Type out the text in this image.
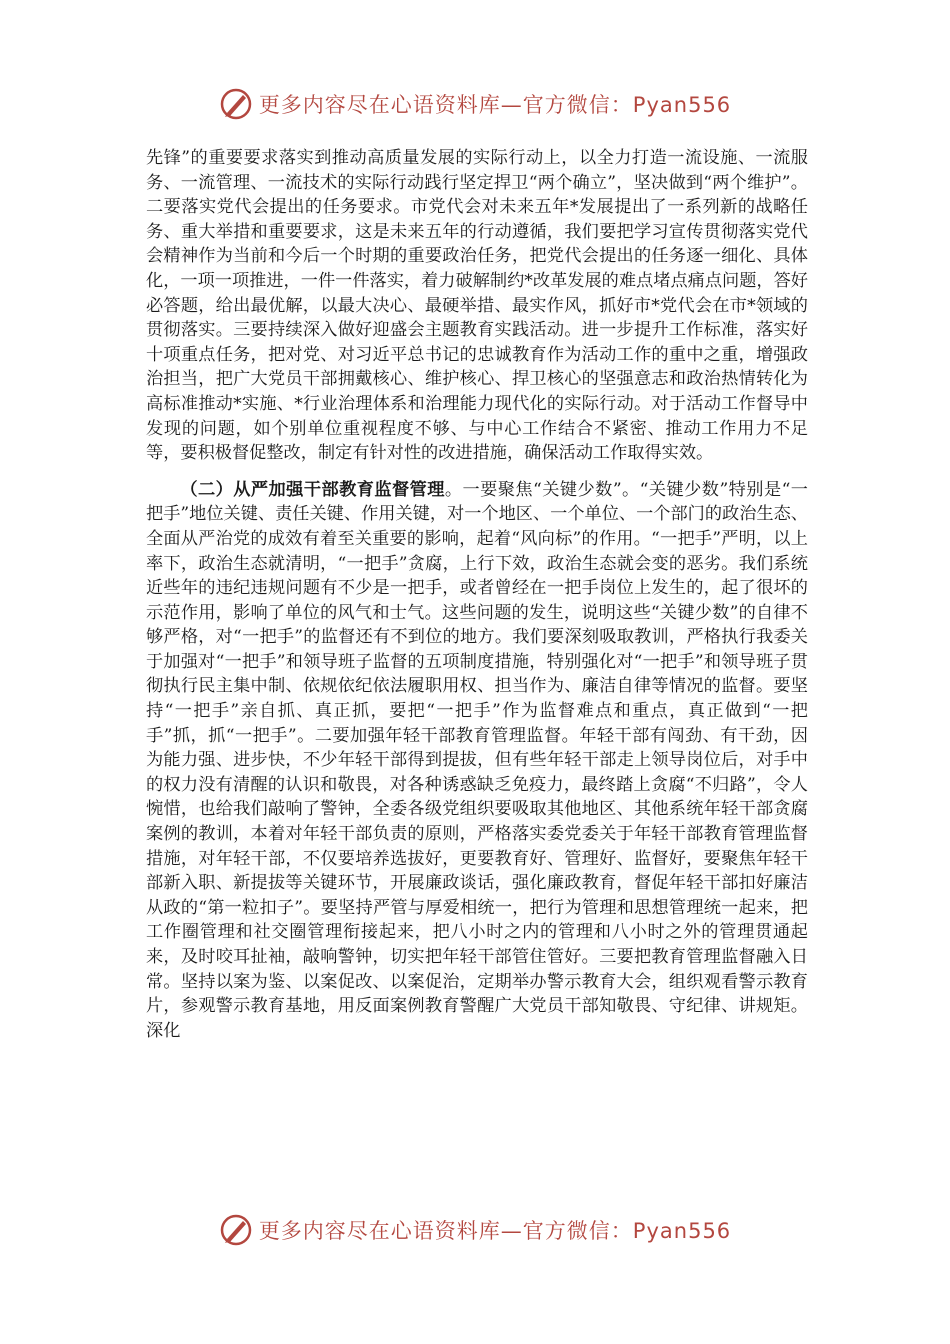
更多内容尽在心语资料库—官方微信：Pyan556

先锋”的重要要求落实到推动高质量发展的实际行动上，以全力打造一流设施、一流服务、一流管理、一流技术的实际行动践行坚定捍卫“两个确立”，坚决做到“两个维护”。二要落实党代会提出的任务要求。市党代会对未来五年*发展提出了一系列新的战略任务、重大举措和重要要求，这是未来五年的行动遵循，我们要把学习宣传贯彻落实党代会精神作为当前和今后一个时期的重要政治任务，把党代会提出的任务逐一细化、具体化，一项一项推进，一件一件落实，着力破解制约*改革发展的难点堵点痛点问题，答好必答题，给出最优解，以最大决心、最硬举措、最实作风，抓好市*党代会在市*领域的贯彻落实。三要持续深入做好迎盛会主题教育实践活动。进一步提升工作标准，落实好十项重点任务，把对党、对习近平总书记的忠诚教育作为活动工作的重中之重，增强政治担当，把广大党员干部拥戴核心、维护核心、捍卫核心的坚强意志和政治热情转化为高标准推动*实施、*行业治理体系和治理能力现代化的实际行动。对于活动工作督导中发现的问题，如个别单位重视程度不够、与中心工作结合不紧密、推动工作用力不足等，要积极督促整改，制定有针对性的改进措施，确保活动工作取得实效。

（二）从严加强干部教育监督管理。一要聚焦“关键少数”。“关键少数”特别是“一把手”地位关键、责任关键、作用关键，对一个地区、一个单位、一个部门的政治生态、全面从严治党的成效有着至关重要的影响，起着“风向标”的作用。“一把手”严明，以上率下，政治生态就清明，“一把手”贪腐，上行下效，政治生态就会变的恶劣。我们系统近些年的违纪违规问题有不少是一把手，或者曾经在一把手岗位上发生的，起了很坏的示范作用，影响了单位的风气和士气。这些问题的发生，说明这些“关键少数”的自律不够严格，对“一把手”的监督还有不到位的地方。我们要深刻吸取教训，严格执行我委关于加强对“一把手”和领导班子监督的五项制度措施，特别强化对“一把手”和领导班子贯彻执行民主集中制、依规依纪依法履职用权、担当作为、廉洁自律等情况的监督。要坚持“一把手”亲自抓、真正抓，要把“一把手”作为监督难点和重点，真正做到“一把手”抓，抓“一把手”。二要加强年轻干部教育管理监督。年轻干部有闯劲、有干劲，因为能力强、进步快，不少年轻干部得到提拔，但有些年轻干部走上领导岗位后，对手中的权力没有清醒的认识和敬畏，对各种诱惑缺乏免疫力，最终踏上贪腐“不归路”，令人惋惜，也给我们敲响了警钟，全委各级党组织要吸取其他地区、其他系统年轻干部贪腐案例的教训，本着对年轻干部负责的原则，严格落实委党委关于年轻干部教育管理监督措施，对年轻干部，不仅要培养选拔好，更要教育好、管理好、监督好，要聚焦年轻干部新入职、新提拔等关键环节，开展廉政谈话，强化廉政教育，督促年轻干部扣好廉洁从政的“第一粒扣子”。要坚持严管与厚爱相统一，把行为管理和思想管理统一起来，把工作圈管理和社交圈管理衔接起来，把八小时之内的管理和八小时之外的管理贯通起来，及时咬耳扯袖，敲响警钟，切实把年轻干部管住管好。三要把教育管理监督融入日常。坚持以案为鉴、以案促改、以案促治，定期举办警示教育大会，组织观看警示教育片，参观警示教育基地，用反面案例教育警醒广大党员干部知敬畏、守纪律、讲规矩。深化

更多内容尽在心语资料库—官方微信：Pyan556
